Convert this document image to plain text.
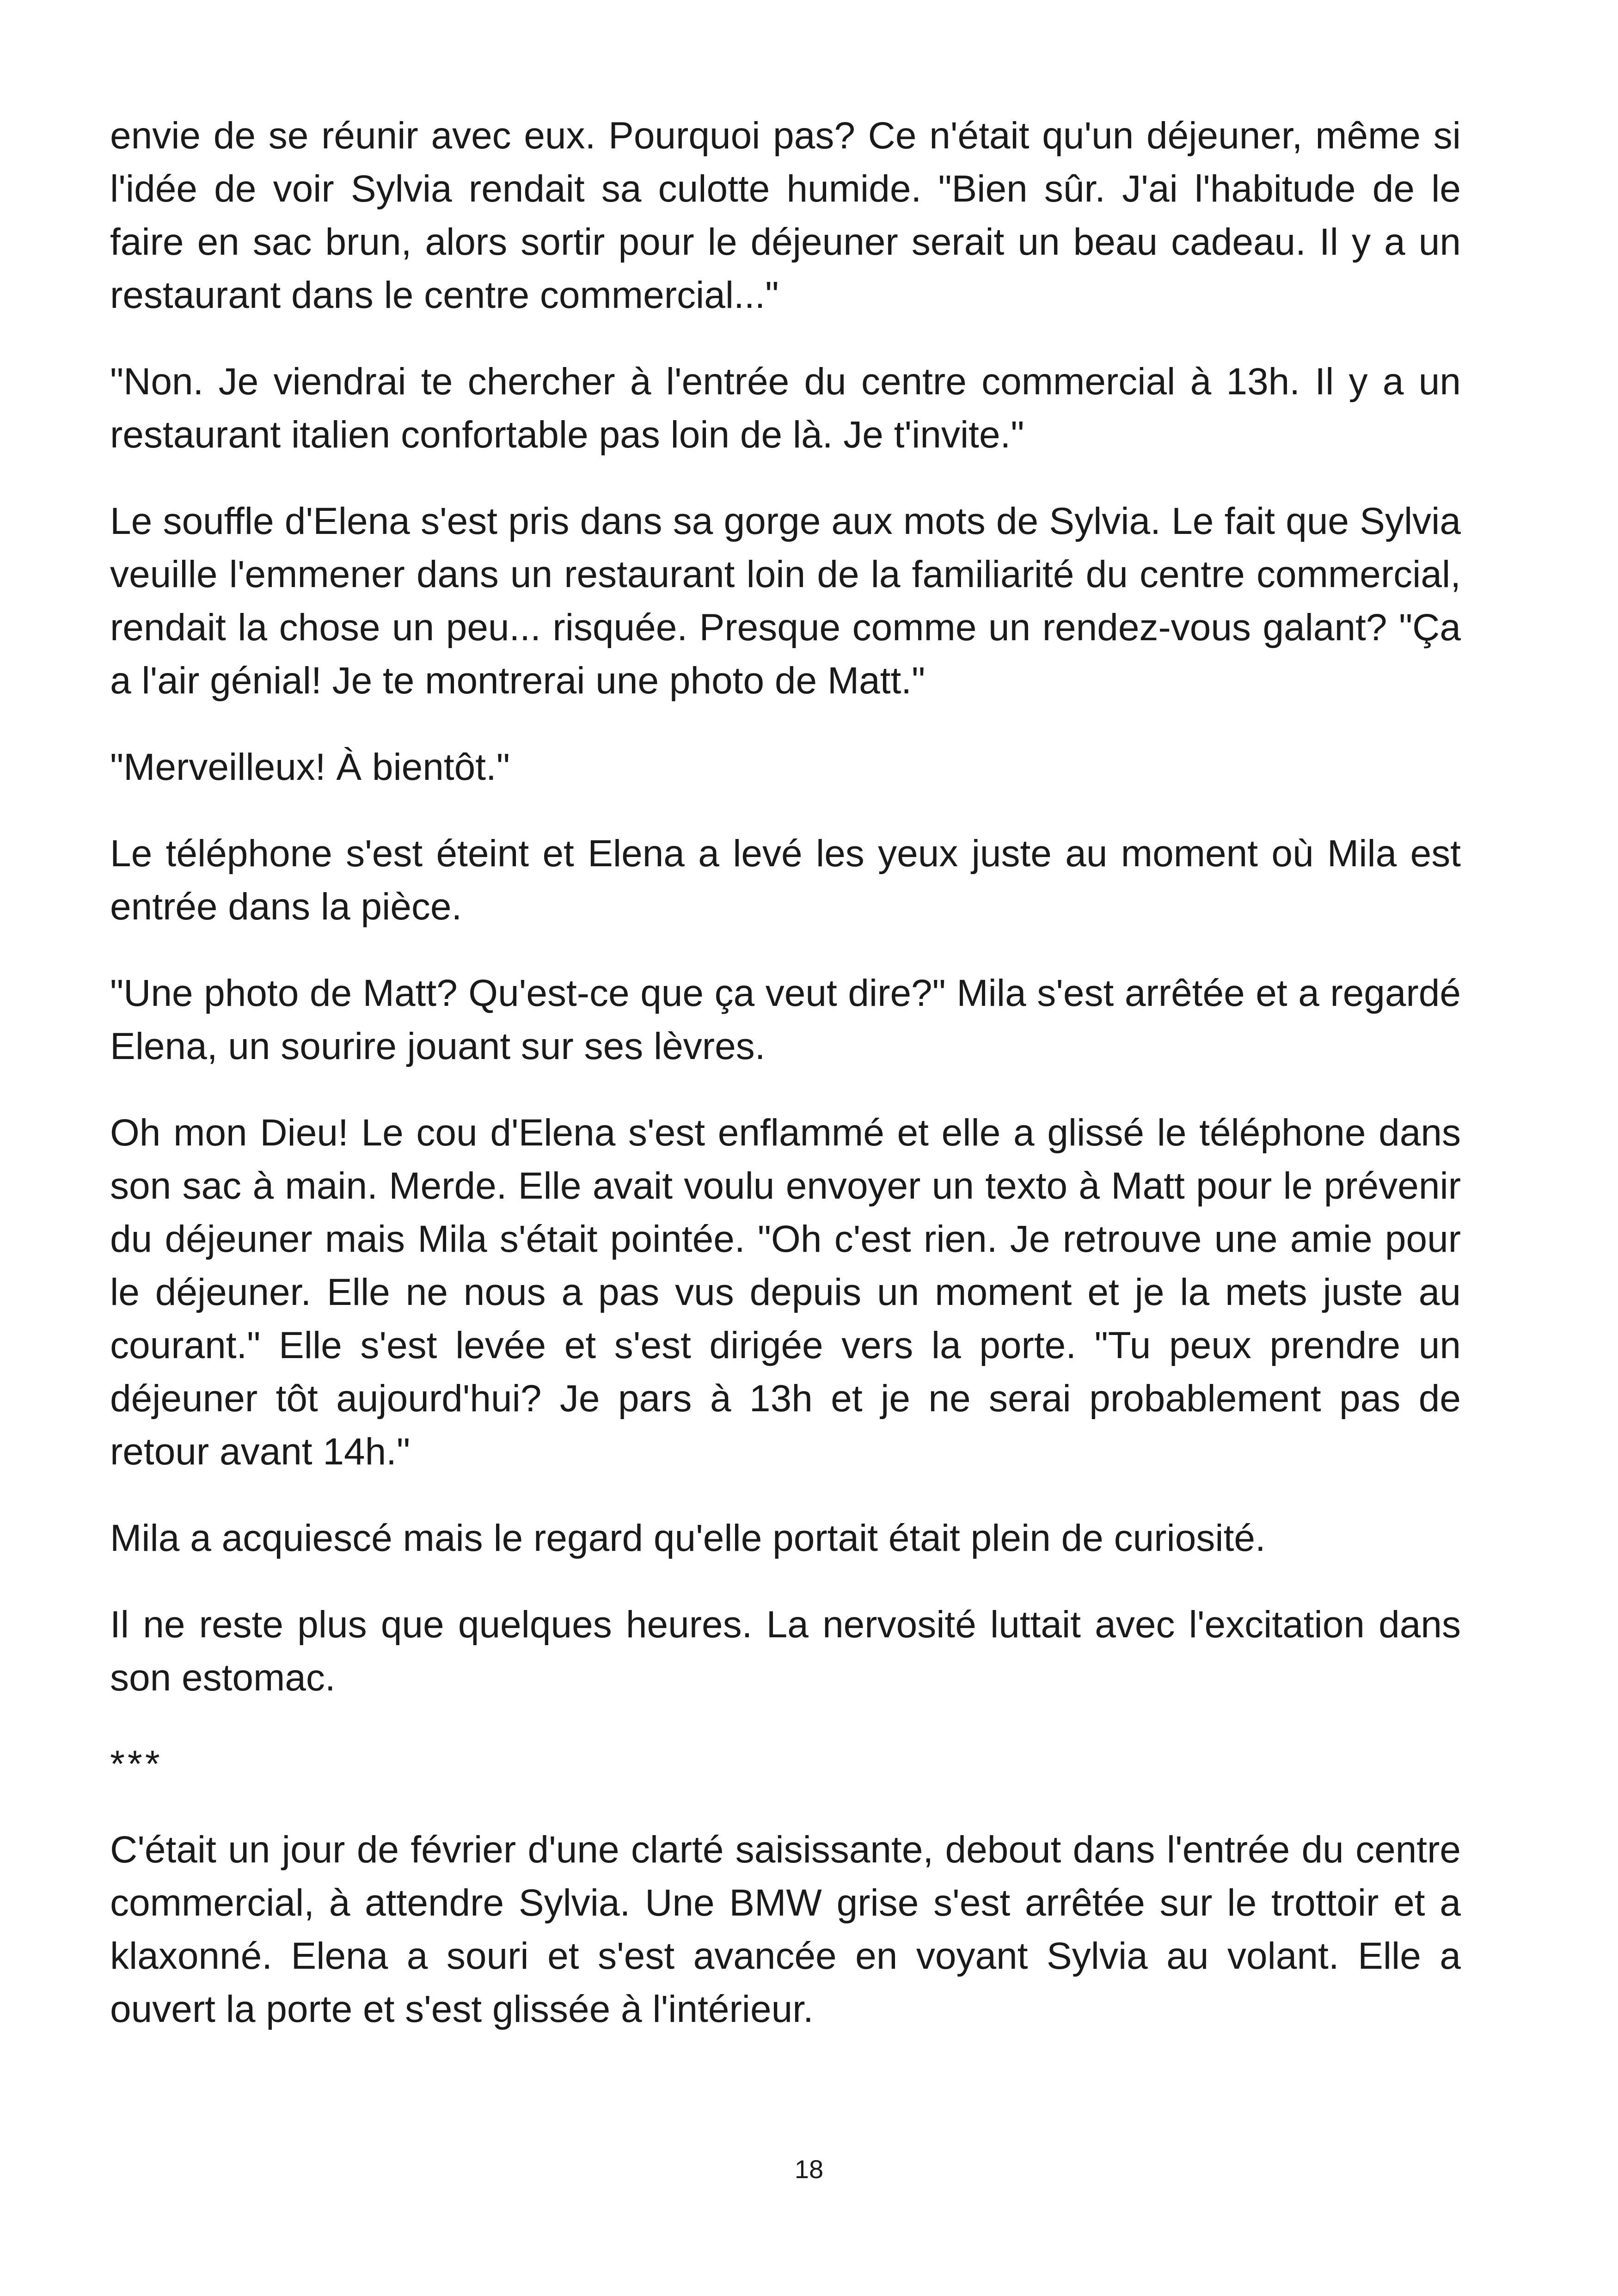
envie de se réunir avec eux. Pourquoi pas? Ce n'était qu'un déjeuner, même si l'idée de voir Sylvia rendait sa culotte humide. "Bien sûr. J'ai l'habitude de le faire en sac brun, alors sortir pour le déjeuner serait un beau cadeau. Il y a un restaurant dans le centre commercial..."

"Non. Je viendrai te chercher à l'entrée du centre commercial à 13h. Il y a un restaurant italien confortable pas loin de là. Je t'invite."

Le souffle d'Elena s'est pris dans sa gorge aux mots de Sylvia. Le fait que Sylvia veuille l'emmener dans un restaurant loin de la familiarité du centre commercial, rendait la chose un peu... risquée. Presque comme un rendez-vous galant? "Ça a l'air génial! Je te montrerai une photo de Matt."

"Merveilleux! À bientôt."

Le téléphone s'est éteint et Elena a levé les yeux juste au moment où Mila est entrée dans la pièce.

"Une photo de Matt? Qu'est-ce que ça veut dire?" Mila s'est arrêtée et a regardé Elena, un sourire jouant sur ses lèvres.

Oh mon Dieu! Le cou d'Elena s'est enflammé et elle a glissé le téléphone dans son sac à main. Merde. Elle avait voulu envoyer un texto à Matt pour le prévenir du déjeuner mais Mila s'était pointée. "Oh c'est rien. Je retrouve une amie pour le déjeuner. Elle ne nous a pas vus depuis un moment et je la mets juste au courant." Elle s'est levée et s'est dirigée vers la porte. "Tu peux prendre un déjeuner tôt aujourd'hui? Je pars à 13h et je ne serai probablement pas de retour avant 14h."

Mila a acquiescé mais le regard qu'elle portait était plein de curiosité.

Il ne reste plus que quelques heures. La nervosité luttait avec l'excitation dans son estomac.

***

C'était un jour de février d'une clarté saisissante, debout dans l'entrée du centre commercial, à attendre Sylvia. Une BMW grise s'est arrêtée sur le trottoir et a klaxonné. Elena a souri et s'est avancée en voyant Sylvia au volant. Elle a ouvert la porte et s'est glissée à l'intérieur.

18
